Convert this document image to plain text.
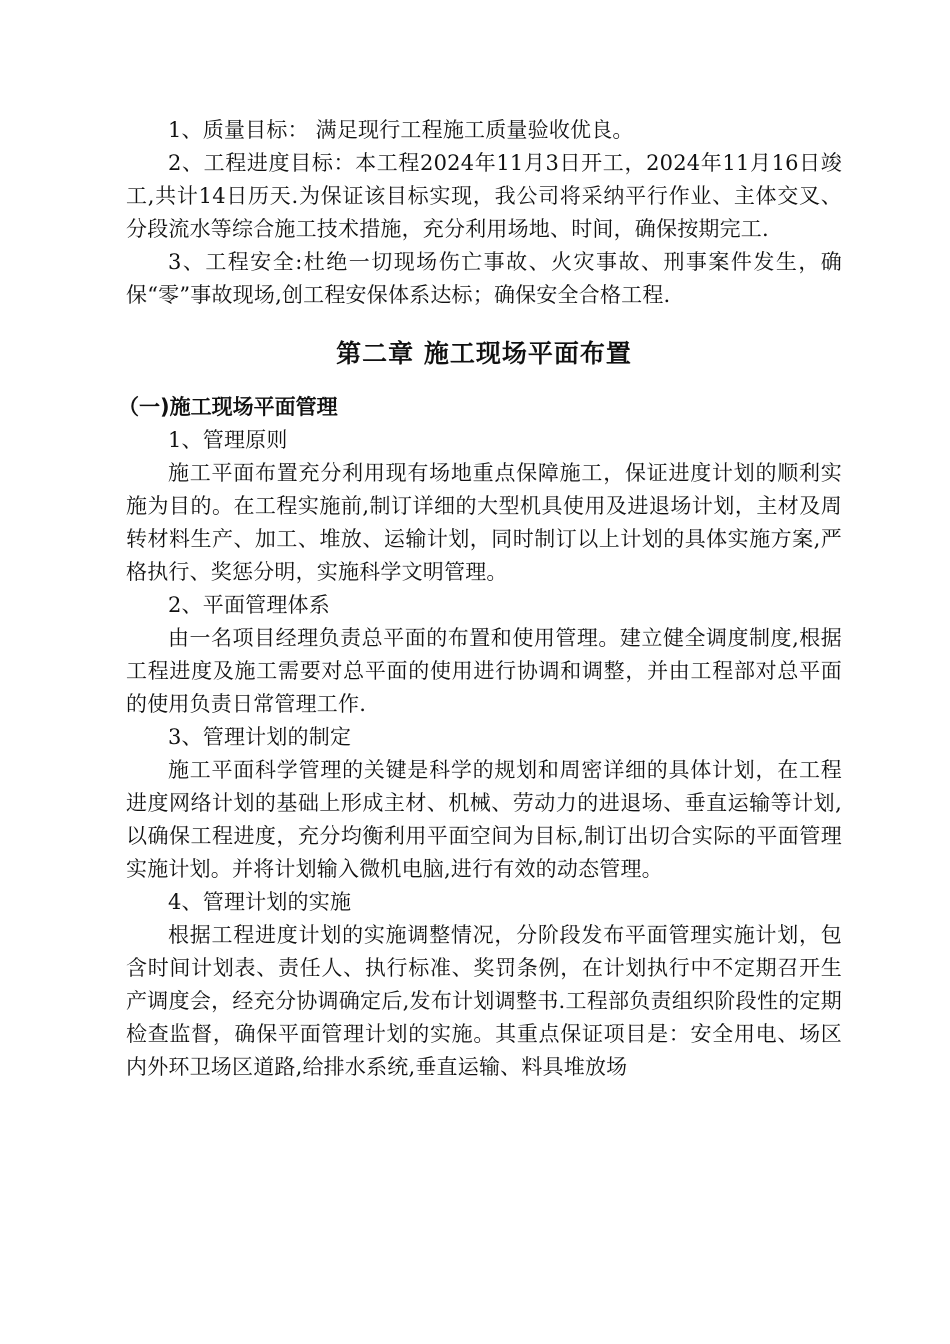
1、质量目标： 满足现行工程施工质量验收优良。

2、工程进度目标：本工程2024年11月3日开工，2024年11月16日竣工,共计14日历天.为保证该目标实现，我公司将采纳平行作业、主体交叉、分段流水等综合施工技术措施，充分利用场地、时间，确保按期完工.

3、工程安全:杜绝一切现场伤亡事故、火灾事故、刑事案件发生，确保“零”事故现场,创工程安保体系达标；确保安全合格工程.

第二章 施工现场平面布置
（一)施工现场平面管理

1、管理原则

施工平面布置充分利用现有场地重点保障施工，保证进度计划的顺利实施为目的。在工程实施前,制订详细的大型机具使用及进退场计划，主材及周转材料生产、加工、堆放、运输计划，同时制订以上计划的具体实施方案,严格执行、奖惩分明，实施科学文明管理。

2、平面管理体系

由一名项目经理负责总平面的布置和使用管理。建立健全调度制度,根据工程进度及施工需要对总平面的使用进行协调和调整，并由工程部对总平面的使用负责日常管理工作.

3、管理计划的制定

施工平面科学管理的关键是科学的规划和周密详细的具体计划，在工程进度网络计划的基础上形成主材、机械、劳动力的进退场、垂直运输等计划,以确保工程进度，充分均衡利用平面空间为目标,制订出切合实际的平面管理实施计划。并将计划输入微机电脑,进行有效的动态管理。

4、管理计划的实施

根据工程进度计划的实施调整情况，分阶段发布平面管理实施计划，包含时间计划表、责任人、执行标准、奖罚条例，在计划执行中不定期召开生产调度会，经充分协调确定后,发布计划调整书.工程部负责组织阶段性的定期检查监督，确保平面管理计划的实施。其重点保证项目是：安全用电、场区内外环卫场区道路,给排水系统,垂直运输、料具堆放场
